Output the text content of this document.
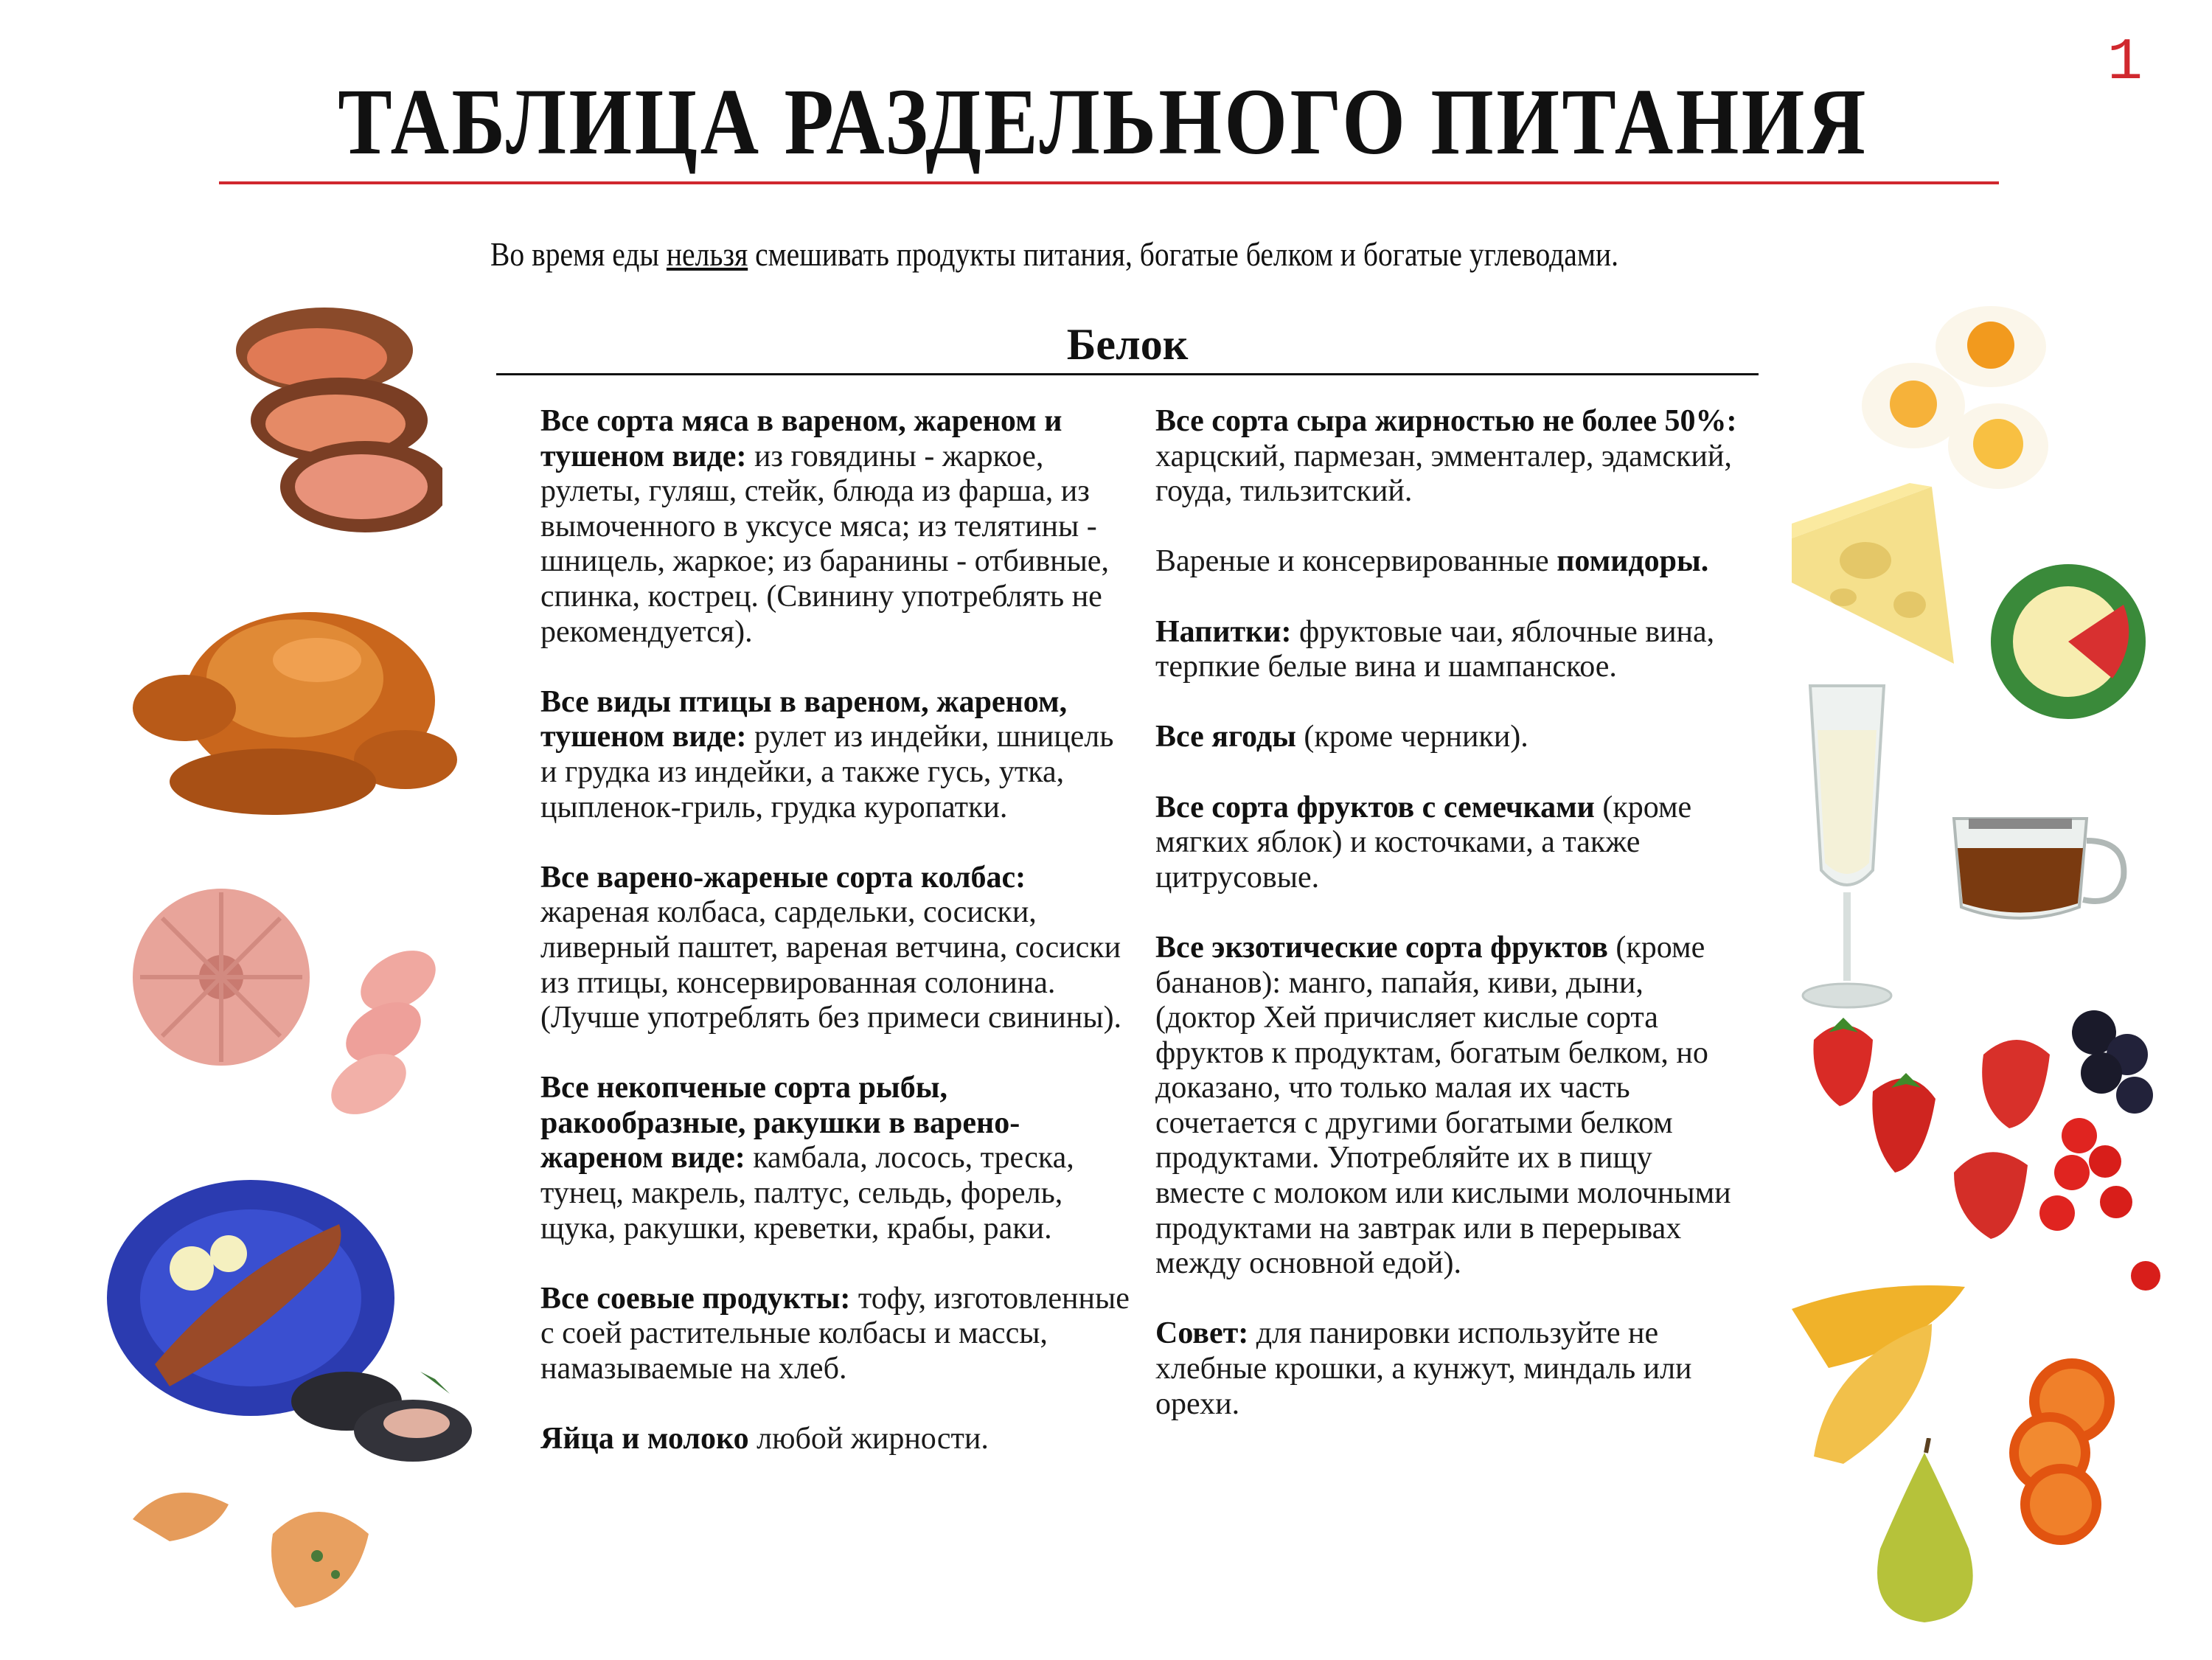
1
ТАБЛИЦА РАЗДЕЛЬНОГО ПИТАНИЯ
Во время еды нельзя смешивать продукты питания, богатые белком и богатые углеводами.
Белок

Все сорта мяса в вареном, жареном и тушеном виде: из говядины - жаркое, рулеты, гуляш, стейк, блюда из фарша, из вымоченного в уксусе мяса; из телятины - шницель, жаркое; из баранины - отбивные, спинка, кострец. (Свинину употреблять не рекомендуется).

Все виды птицы в вареном, жареном, тушеном виде: рулет из индейки, шницель и грудка из индейки, а также гусь, утка, цыпленок-гриль, грудка куропатки.

Все варено-жареные сорта колбас: жареная колбаса, сардельки, сосиски, ливерный паштет, вареная ветчина, сосиски из птицы, консервированная солонина. (Лучше употреблять без примеси свинины).

Все некопченые сорта рыбы, ракообразные, ракушки в варено-жареном виде: камбала, лосось, треска, тунец, макрель, палтус, сельдь, форель, щука, ракушки, креветки, крабы, раки.

Все соевые продукты: тофу, изготовленные с соей растительные колбасы и массы, намазываемые на хлеб.

Яйца и молоко любой жирности.

Все сорта сыра жирностью не более 50%: харцский, пармезан, эмменталер, эдамский, гоуда, тильзитский.

Вареные и консервированные помидоры.

Напитки: фруктовые чаи, яблочные вина, терпкие белые вина и шампанское.

Все ягоды (кроме черники).

Все сорта фруктов с семечками (кроме мягких яблок) и косточками, а также цитрусовые.

Все экзотические сорта фруктов (кроме бананов): манго, папайя, киви, дыни, (доктор Хей причисляет кислые сорта фруктов к продуктам, богатым белком, но доказано, что только малая их часть сочетается с другими богатыми белком продуктами. Употребляйте их в пищу вместе с молоком или кислыми молочными продуктами на завтрак или в перерывах между основной едой).

Совет: для панировки используйте не хлебные крошки, а кунжут, миндаль или орехи.
